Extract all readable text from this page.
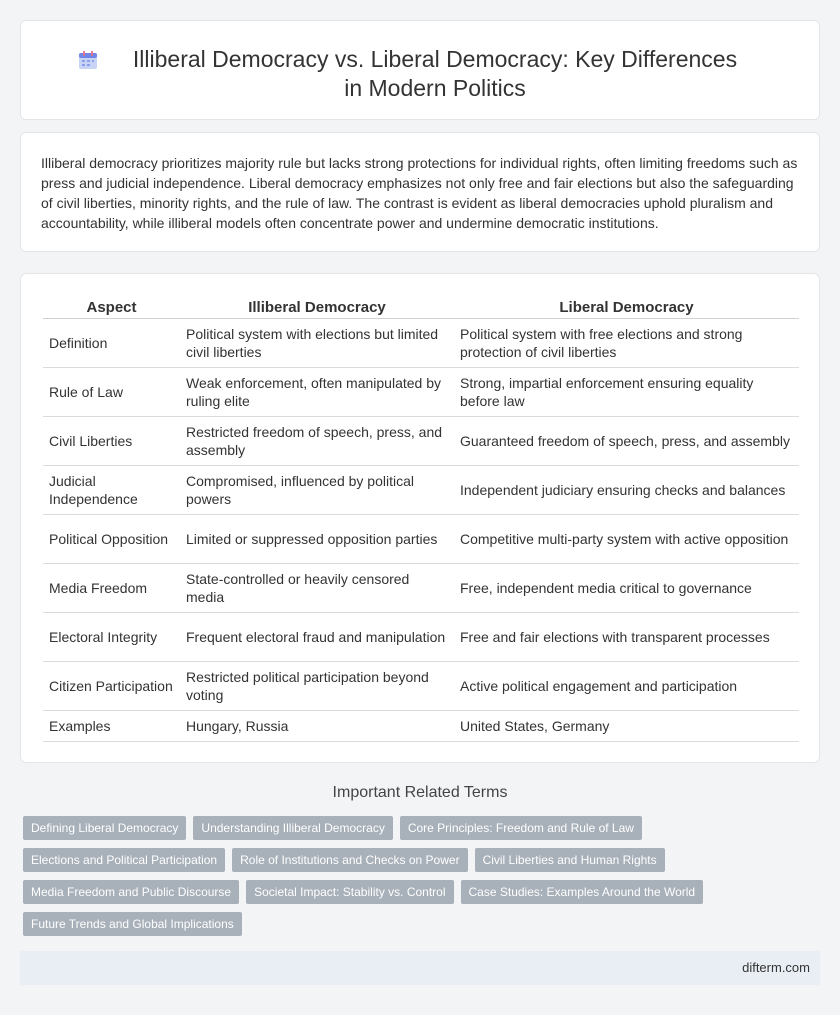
Illiberal Democracy vs. Liberal Democracy: Key Differences in Modern Politics

Illiberal democracy prioritizes majority rule but lacks strong protections for individual rights, often limiting freedoms such as press and judicial independence. Liberal democracy emphasizes not only free and fair elections but also the safeguarding of civil liberties, minority rights, and the rule of law. The contrast is evident as liberal democracies uphold pluralism and accountability, while illiberal models often concentrate power and undermine democratic institutions.

Aspect	Illiberal Democracy	Liberal Democracy
Definition	Political system with elections but limited civil liberties	Political system with free elections and strong protection of civil liberties
Rule of Law	Weak enforcement, often manipulated by ruling elite	Strong, impartial enforcement ensuring equality before law
Civil Liberties	Restricted freedom of speech, press, and assembly	Guaranteed freedom of speech, press, and assembly
Judicial Independence	Compromised, influenced by political powers	Independent judiciary ensuring checks and balances
Political Opposition	Limited or suppressed opposition parties	Competitive multi-party system with active opposition
Media Freedom	State-controlled or heavily censored media	Free, independent media critical to governance
Electoral Integrity	Frequent electoral fraud and manipulation	Free and fair elections with transparent processes
Citizen Participation	Restricted political participation beyond voting	Active political engagement and participation
Examples	Hungary, Russia	United States, Germany
Important Related Terms
Defining Liberal Democracy	Understanding Illiberal Democracy	Core Principles: Freedom and Rule of Law
Elections and Political Participation	Role of Institutions and Checks on Power	Civil Liberties and Human Rights
Media Freedom and Public Discourse	Societal Impact: Stability vs. Control	Case Studies: Examples Around the World
Future Trends and Global Implications
difterm.com
